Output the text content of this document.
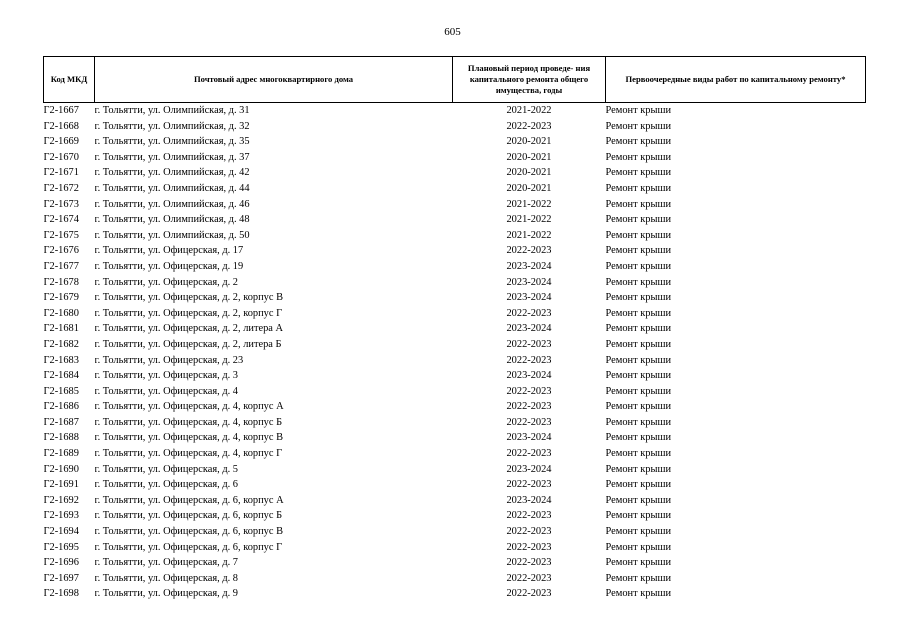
605
Код МКД	Почтовый адрес многоквартирного дома	Плановый период проведе- ния капитального ремонта общего имущества, годы	Первоочередные виды работ по капитальному ремонту*
Г2-1667	г. Тольятти, ул. Олимпийская, д. 31	2021-2022	Ремонт крыши
Г2-1668	г. Тольятти, ул. Олимпийская, д. 32	2022-2023	Ремонт крыши
Г2-1669	г. Тольятти, ул. Олимпийская, д. 35	2020-2021	Ремонт крыши
Г2-1670	г. Тольятти, ул. Олимпийская, д. 37	2020-2021	Ремонт крыши
Г2-1671	г. Тольятти, ул. Олимпийская, д. 42	2020-2021	Ремонт крыши
Г2-1672	г. Тольятти, ул. Олимпийская, д. 44	2020-2021	Ремонт крыши
Г2-1673	г. Тольятти, ул. Олимпийская, д. 46	2021-2022	Ремонт крыши
Г2-1674	г. Тольятти, ул. Олимпийская, д. 48	2021-2022	Ремонт крыши
Г2-1675	г. Тольятти, ул. Олимпийская, д. 50	2021-2022	Ремонт крыши
Г2-1676	г. Тольятти, ул. Офицерская, д. 17	2022-2023	Ремонт крыши
Г2-1677	г. Тольятти, ул. Офицерская, д. 19	2023-2024	Ремонт крыши
Г2-1678	г. Тольятти, ул. Офицерская, д. 2	2023-2024	Ремонт крыши
Г2-1679	г. Тольятти, ул. Офицерская, д. 2, корпус В	2023-2024	Ремонт крыши
Г2-1680	г. Тольятти, ул. Офицерская, д. 2, корпус Г	2022-2023	Ремонт крыши
Г2-1681	г. Тольятти, ул. Офицерская, д. 2, литера А	2023-2024	Ремонт крыши
Г2-1682	г. Тольятти, ул. Офицерская, д. 2, литера Б	2022-2023	Ремонт крыши
Г2-1683	г. Тольятти, ул. Офицерская, д. 23	2022-2023	Ремонт крыши
Г2-1684	г. Тольятти, ул. Офицерская, д. 3	2023-2024	Ремонт крыши
Г2-1685	г. Тольятти, ул. Офицерская, д. 4	2022-2023	Ремонт крыши
Г2-1686	г. Тольятти, ул. Офицерская, д. 4, корпус А	2022-2023	Ремонт крыши
Г2-1687	г. Тольятти, ул. Офицерская, д. 4, корпус Б	2022-2023	Ремонт крыши
Г2-1688	г. Тольятти, ул. Офицерская, д. 4, корпус В	2023-2024	Ремонт крыши
Г2-1689	г. Тольятти, ул. Офицерская, д. 4, корпус Г	2022-2023	Ремонт крыши
Г2-1690	г. Тольятти, ул. Офицерская, д. 5	2023-2024	Ремонт крыши
Г2-1691	г. Тольятти, ул. Офицерская, д. 6	2022-2023	Ремонт крыши
Г2-1692	г. Тольятти, ул. Офицерская, д. 6, корпус А	2023-2024	Ремонт крыши
Г2-1693	г. Тольятти, ул. Офицерская, д. 6, корпус Б	2022-2023	Ремонт крыши
Г2-1694	г. Тольятти, ул. Офицерская, д. 6, корпус В	2022-2023	Ремонт крыши
Г2-1695	г. Тольятти, ул. Офицерская, д. 6, корпус Г	2022-2023	Ремонт крыши
Г2-1696	г. Тольятти, ул. Офицерская, д. 7	2022-2023	Ремонт крыши
Г2-1697	г. Тольятти, ул. Офицерская, д. 8	2022-2023	Ремонт крыши
Г2-1698	г. Тольятти, ул. Офицерская, д. 9	2022-2023	Ремонт крыши
